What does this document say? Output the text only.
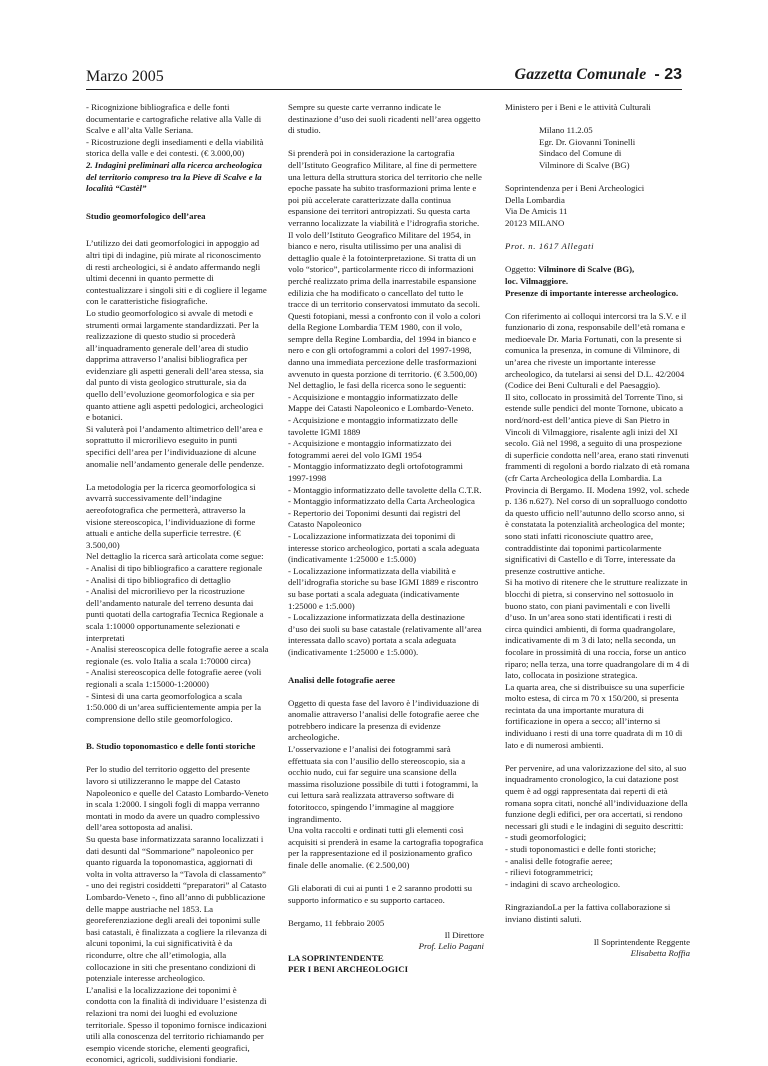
Marzo 2005	Gazzetta Comunale - 23

- Ricognizione bibliografica e delle fonti documentarie e cartografiche relative alla Valle di Scalve e all’alta Valle Seriana.

- Ricostruzione degli insediamenti e della viabilità storica della valle e dei contesti. (€ 3.000,00)

2. Indagini preliminari alla ricerca archeologica del territorio compreso tra la Pieve di Scalve e la località “Castèl”

Studio geomorfologico dell’area

L’utilizzo dei dati geomorfologici in appoggio ad altri tipi di indagine, più mirate al riconoscimento di resti archeologici, si è andato affermando negli ultimi decenni in quanto permette di contestualizzare i singoli siti e di cogliere il legame con le caratteristiche fisiografiche.

Lo studio geomorfologico si avvale di metodi e strumenti ormai largamente standardizzati. Per la realizzazione di questo studio si procederà all’inquadramento generale dell’area di studio dapprima attraverso l’analisi bibliografica per evidenziare gli aspetti generali dell’area stessa, sia dal punto di vista geologico strutturale, sia da quello dell’evoluzione geomorfologica e sia per quanto attiene agli aspetti pedologici, archeologici e botanici.

Si valuterà poi l’andamento altimetrico dell’area e soprattutto il microrilievo eseguito in punti specifici dell’area per l’individuazione di alcune anomalie nell’andamento generale delle pendenze.

La metodologia per la ricerca geomorfologica si avvarrà successivamente dell’indagine aereofotografica che permetterà, attraverso la visione stereoscopica, l’individuazione di forme attuali e antiche della superficie terrestre. (€ 3.500,00)

Nel dettaglio la ricerca sarà articolata come segue:

- Analisi di tipo bibliografico a carattere regionale

- Analisi di tipo bibliografico di dettaglio

- Analisi del microrilievo per la ricostruzione dell’andamento naturale del terreno desunta dai punti quotati della cartografia Tecnica Regionale a scala 1:10000 opportunamente selezionati e interpretati

- Analisi stereoscopica delle fotografie aeree a scala regionale (es. volo Italia a scala 1:70000 circa)

- Analisi stereoscopica delle fotografie aeree (voli regionali a scala 1:15000-1:20000)

- Sintesi di una carta geomorfologica a scala 1:50.000 di un’area sufficientemente ampia per la comprensione dello stile geomorfologico.

B. Studio toponomastico e delle fonti storiche

Per lo studio del territorio oggetto del presente lavoro si utilizzeranno le mappe del Catasto Napoleonico e quelle del Catasto Lombardo-Veneto in scala 1:2000. I singoli fogli di mappa verranno montati in modo da avere un quadro complessivo dell’area sottoposta ad analisi.

Su questa base informatizzata saranno localizzati i dati desunti dal “Sommarione” napoleonico per quanto riguarda la toponomastica, aggiornati di volta in volta attraverso la “Tavola di classamento” - uno dei registri cosiddetti “preparatori” al Catasto Lombardo-Veneto -, fino all’anno di pubblicazione delle mappe austriache nel 1853. La georeferenziazione degli areali dei toponimi sulle basi catastali, è finalizzata a cogliere la rilevanza di alcuni toponimi, la cui significatività è da ricondurre, oltre che all’etimologia, alla collocazione in siti che presentano condizioni di potenziale interesse archeologico.

L’analisi e la localizzazione dei toponimi è condotta con la finalità di individuare l’esistenza di relazioni tra nomi dei luoghi ed evoluzione territoriale. Spesso il toponimo fornisce indicazioni utili alla conoscenza del territorio richiamando per esempio vicende storiche, elementi geografici, economici, agricoli, suddivisioni fondiarie.

Sempre su queste carte verranno indicate le destinazione d’uso dei suoli ricadenti nell’area oggetto di studio.

Si prenderà poi in considerazione la cartografia dell’Istituto Geografico Militare, al fine di permettere una lettura della struttura storica del territorio che nelle epoche passate ha subito trasformazioni prima lente e poi più accelerate caratterizzate dalla continua espansione dei territori antropizzati. Su questa carta verranno localizzate la viabilità e l’idrografia storiche.

Il volo dell’Istituto Geografico Militare del 1954, in bianco e nero, risulta utilissimo per una analisi di dettaglio quale è la fotointerpretazione. Si tratta di un volo “storico”, particolarmente ricco di informazioni perché realizzato prima della inarrestabile espansione edilizia che ha modificato o cancellato del tutto le tracce di un territorio conservatosi immutato da secoli. Questi fotopiani, messi a confronto con il volo a colori della Regione Lombardia TEM 1980, con il volo, sempre della Regine Lombardia, del 1994 in bianco e nero e con gli ortofogrammi a colori del 1997-1998, danno una immediata percezione delle trasformazioni avvenuto in questa porzione di territorio. (€ 3.500,00)

Nel dettaglio, le fasi della ricerca sono le seguenti:

- Acquisizione e montaggio informatizzato delle Mappe dei Catasti Napoleonico e Lombardo-Veneto.

- Acquisizione e montaggio informatizzato delle tavolette IGMI 1889

- Acquisizione e montaggio informatizzato dei fotogrammi aerei del volo IGMI 1954

- Montaggio informatizzato degli ortofotogrammi 1997-1998

- Montaggio informatizzato delle tavolette della C.T.R.

- Montaggio informatizzato della Carta Archeologica

- Repertorio dei Toponimi desunti dai registri del Catasto Napoleonico

- Localizzazione informatizzata dei toponimi di interesse storico archeologico, portati a scala adeguata (indicativamente 1:25000 e 1:5.000)

- Localizzazione informatizzata della viabilità e dell’idrografia storiche su base IGMI 1889 e riscontro su base portati a scala adeguata (indicativamente 1:25000 e 1:5.000)

- Localizzazione informatizzata della destinazione d’uso dei suoli su base catastale (relativamente all’area interessata dallo scavo) portata a scala adeguata (indicativamente 1:25000 e 1:5.000).

Analisi delle fotografie aeree

Oggetto di questa fase del lavoro è l’individuazione di anomalie attraverso l’analisi delle fotografie aeree che potrebbero indicare la presenza di evidenze archeologiche.

L’osservazione e l’analisi dei fotogrammi sarà effettuata sia con l’ausilio dello stereoscopio, sia a occhio nudo, cui far seguire una scansione della massima risoluzione possibile di tutti i fotogrammi, la cui lettura sarà realizzata attraverso software di fotoritocco, spingendo l’immagine al maggiore ingrandimento.

Una volta raccolti e ordinati tutti gli elementi così acquisiti si prenderà in esame la cartografia topografica per la rappresentazione ed il posizionamento grafico finale delle anomalie. (€ 2.500,00)

Gli elaborati di cui ai punti 1 e 2 saranno prodotti su supporto informatico e su supporto cartaceo.

Bergamo, 11 febbraio 2005

Il Direttore

Prof. Lelio Pagani

LA SOPRINTENDENTE

PER I BENI ARCHEOLOGICI

Ministero per i Beni e le attività Culturali

Milano 11.2.05

Egr. Dr. Giovanni Toninelli

Sindaco del Comune di

Vilminore di Scalve (BG)

Soprintendenza per i Beni Archeologici

Della Lombardia

Via De Amicis 11

20123 MILANO

Prot. n. 1617 Allegati

Oggetto: Vilminore di Scalve (BG),

loc. Vilmaggiore.

Presenze di importante interesse archeologico.

Con riferimento ai colloqui intercorsi tra la S.V. e il funzionario di zona, responsabile dell’età romana e medioevale Dr. Maria Fortunati, con la presente si comunica la presenza, in comune di Vilminore, di un’area che riveste un importante interesse archeologico, da tutelarsi ai sensi del D.L. 42/2004 (Codice dei Beni Culturali e del Paesaggio).

Il sito, collocato in prossimità del Torrente Tino, si estende sulle pendici del monte Tornone, ubicato a nord/nord-est dell’antica pieve di San Pietro in Vincoli di Vilmaggiore, risalente agli inizi del XI secolo. Già nel 1998, a seguito di una prospezione di superficie condotta nell’area, erano stati rinvenuti frammenti di regoloni a bordo rialzato di età romana (cfr Carta Archeologica della Lombardia. La Provincia di Bergamo. II. Modena 1992, vol. schede p. 136 n.627). Nel corso di un sopralluogo condotto da questo ufficio nell’autunno dello scorso anno, si è constatata la potenzialità archeologica del monte; sono stati infatti riconosciute quattro aree, contraddistinte dai toponimi particolarmente significativi di Castello e di Torre, interessate da presenze costruttive antiche.

Si ha motivo di ritenere che le strutture realizzate in blocchi di pietra, si conservino nel sottosuolo in buono stato, con piani pavimentali e con livelli d’uso. In un’area sono stati identificati i resti di circa quindici ambienti, di forma quadrangolare, indicativamente di m 3 di lato; nella seconda, un focolare in prossimità di una roccia, forse un antico riparo; nella terza, una torre quadrangolare di m 4 di lato, collocata in posizione strategica.

La quarta area, che si distribuisce su una superficie molto estesa, di circa m 70 x 150/200, si presenta recintata da una importante muratura di fortificazione in opera a secco; all’interno si individuano i resti di una torre quadrata di m 10 di lato e di numerosi ambienti.

Per pervenire, ad una valorizzazione del sito, al suo inquadramento cronologico, la cui datazione post quem è ad oggi rappresentata dai reperti di età romana sopra citati, nonché all’individuazione della funzione degli edifici, per ora accertati, si rendono necessari gli studi e le indagini di seguito descritti:

- studi geomorfologici;

- studi toponomastici e delle fonti storiche;

- analisi delle fotografie aeree;

- rilievi fotogrammetrici;

- indagini di scavo archeologico.

RingraziandoLa per la fattiva collaborazione si inviano distinti saluti.

Il Soprintendente Reggente

Elisabetta Roffia
